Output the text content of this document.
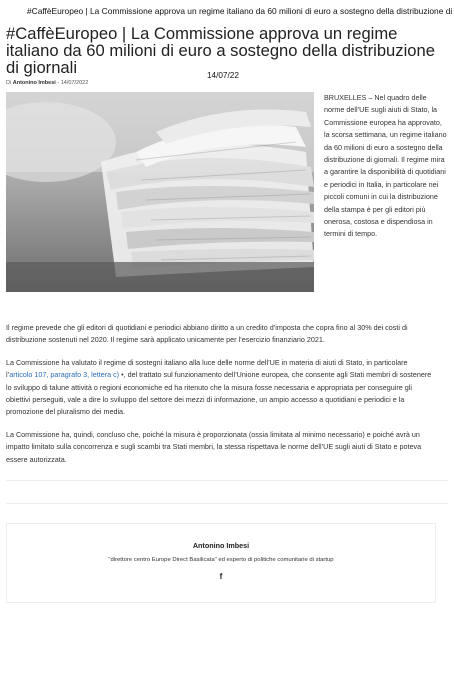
#CaffèEuropeo | La Commissione approva un regime italiano da 60 milioni di euro a sostegno della distribuzione di
#CaffèEuropeo | La Commissione approva un regime italiano da 60 milioni di euro a sostegno della distribuzione di giornali	14/07/22
Di Antonino Imbesi - 14/07/2022
BRUXELLES – Nel quadro delle norme dell’UE sugli aiuti di Stato, la Commissione europea ha approvato, la scorsa settimana, un regime italiano da 60 milioni di euro a sostegno della distribuzione di giornali. Il regime mira a garantire la disponibilità di quotidiani e periodici in Italia, in particolare nei piccoli comuni in cui la distribuzione della stampa è per gli editori più onerosa, costosa e dispendiosa in termini di tempo.

Il regime prevede che gli editori di quotidiani e periodici abbiano diritto a un credito d’imposta che copra fino al 30% dei costi di distribuzione sostenuti nel 2020. Il regime sarà applicato unicamente per l’esercizio finanziario 2021.

La Commissione ha valutato il regime di sostegni italiano alla luce delle norme dell’UE in materia di aiuti di Stato, in particolare l’articolo 107, paragrafo 3, lettera c) •, del trattato sul funzionamento dell’Unione europea, che consente agli Stati membri di sostenere lo sviluppo di talune attività o regioni economiche ed ha ritenuto che la misura fosse necessaria e appropriata per conseguire gli obiettivi perseguiti, vale a dire lo sviluppo del settore dei mezzi di informazione, un ampio accesso a quotidiani e periodici e la promozione del pluralismo dei media.

La Commissione ha, quindi, concluso che, poiché la misura è proporzionata (ossia limitata al minimo necessario) e poiché avrà un impatto limitato sulla concorrenza e sugli scambi tra Stati membri, la stessa rispettava le norme dell’UE sugli aiuti di Stato e poteva essere autorizzata.

Antonino Imbesi
"direttore centro Europe Direct Basilicata" ed esperto di politiche comunitarie di startup
f
